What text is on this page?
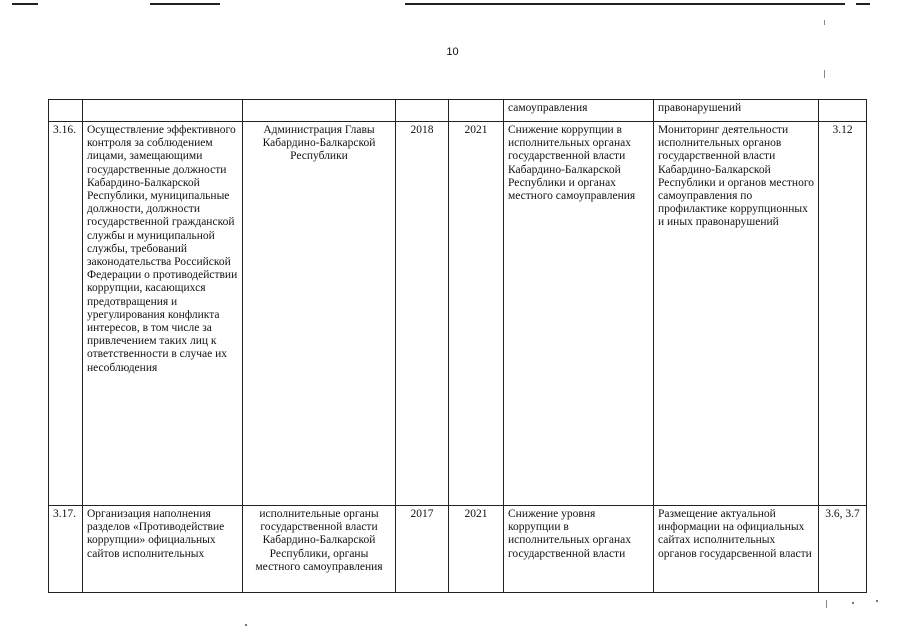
10
					самоуправления	правонарушений	
3.16.	Осуществление эффективного контроля за соблюдением лицами, замещающими государственные должности Кабардино-Балкарской Республики, муниципальные должности, должности государственной гражданской службы и муниципальной службы, требований законодательства Российской Федерации о противодействии коррупции, касающихся предотвращения и урегулирования конфликта интересов, в том числе за привлечением таких лиц к ответственности в случае их несоблюдения	Администрация Главы Кабардино-Балкарской Республики	2018	2021	Снижение коррупции в исполнительных органах государственной власти Кабардино-Балкарской Республики и органах местного самоуправления	Мониторинг деятельности исполнительных органов государственной власти Кабардино-Балкарской Республики и органов местного самоуправления по профилактике коррупционных и иных правонарушений	3.12
3.17.	Организация наполнения разделов «Противодействие коррупции» официальных сайтов исполнительных	исполнительные органы государственной власти Кабардино-Балкарской Республики, органы местного самоуправления	2017	2021	Снижение уровня коррупции в исполнительных органах государственной власти	Размещение актуальной информации на официальных сайтах исполнительных органов государсвенной власти	3.6, 3.7
